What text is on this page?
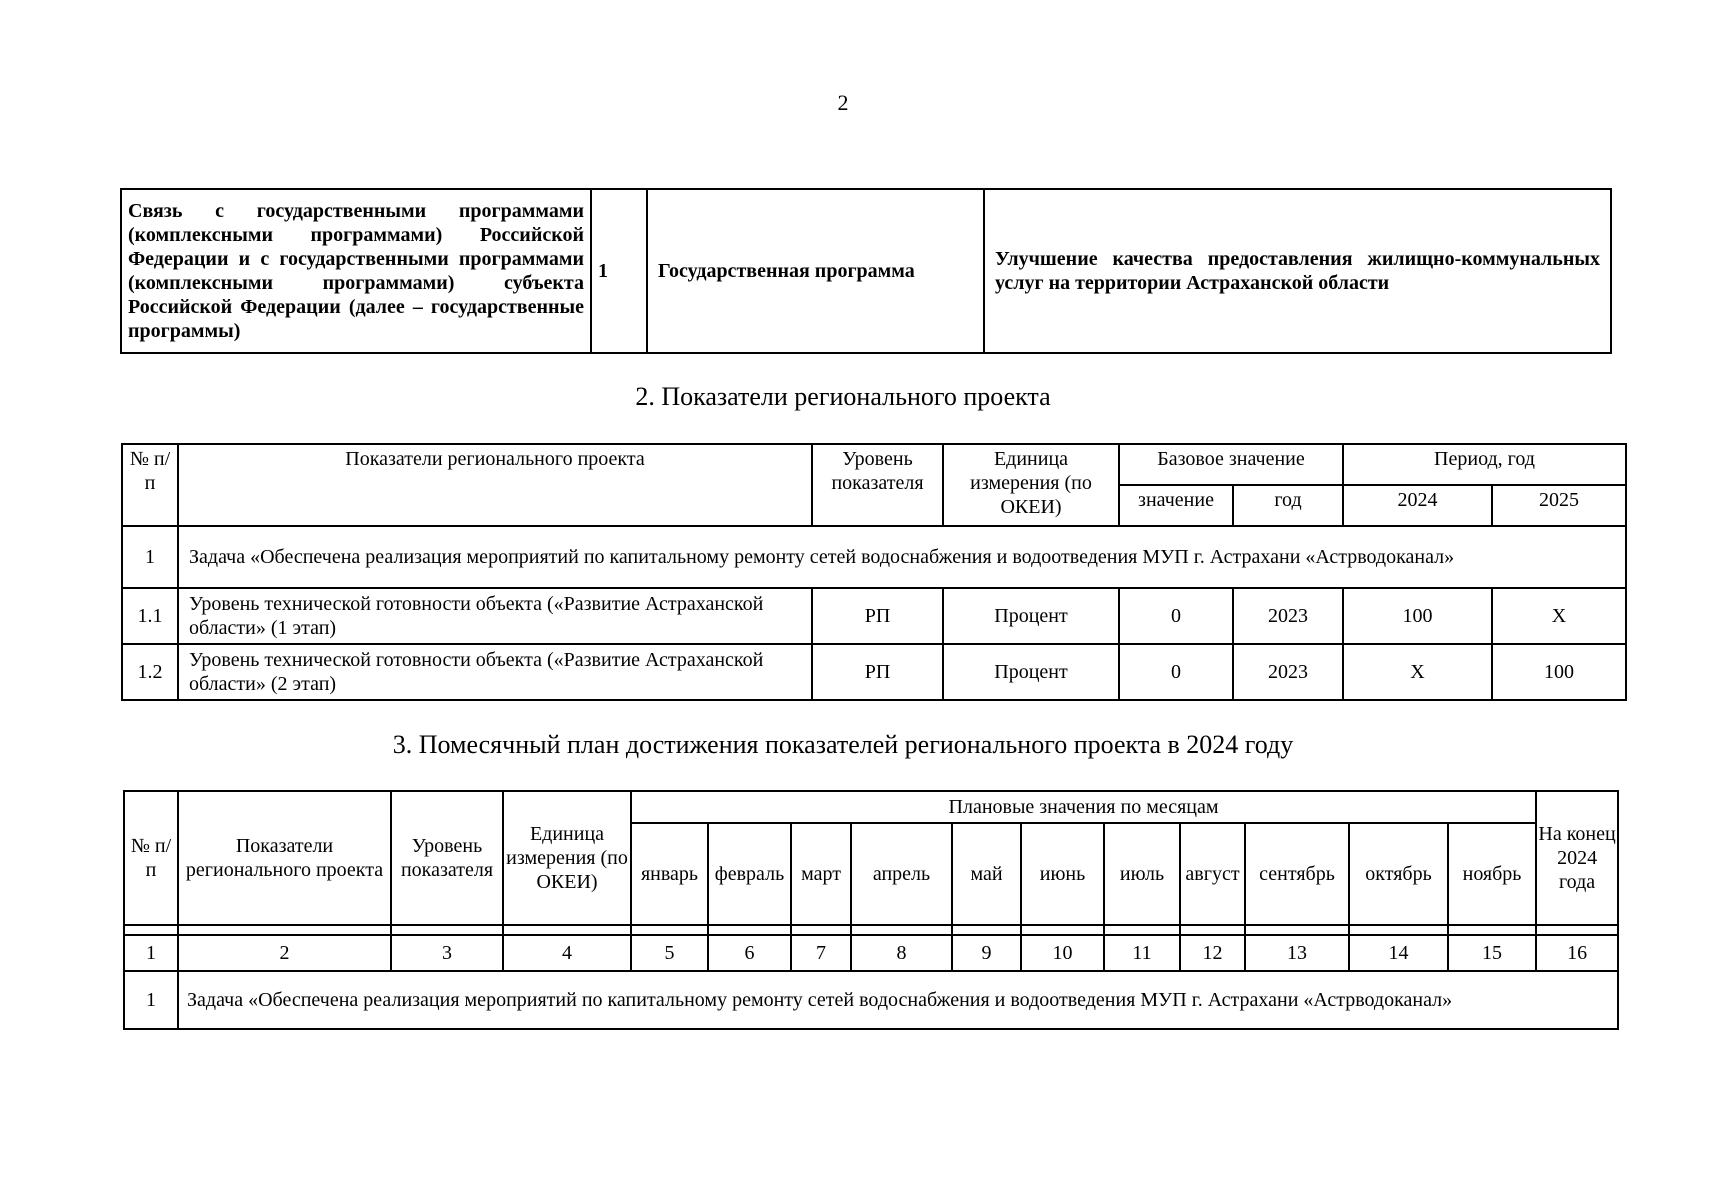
2
Связь с государственными программами (комплексными программами) Российской Федерации и с государственными программами (комплексными программами) субъекта Российской Федерации (далее – государственные программы)	1	Государственная программа	Улучшение качества предоставления жилищно-коммунальных услуг на территории Астраханской области
2. Показатели регионального проекта
№ п/п	Показатели регионального проекта	Уровень показателя	Единица измерения (по ОКЕИ)	Базовое значение		Период, год	
				значение	год	2024	2025
1	Задача «Обеспечена реализация мероприятий по капитальному ремонту сетей водоснабжения и водоотведения МУП г. Астрахани «Астрводоканал»						
1.1	Уровень технической готовности объекта («Развитие Астраханской области» (1 этап)	РП	Процент	0	2023	100	Х
1.2	Уровень технической готовности объекта («Развитие Астраханской области» (2 этап)	РП	Процент	0	2023	Х	100
3. Помесячный план достижения показателей регионального проекта в 2024 году
№ п/п	Показатели регионального проекта	Уровень показателя	Единица измерения (по ОКЕИ)	Плановые значения по месяцам											На конец 2024 года
				январь	февраль	март	апрель	май	июнь	июль	август	сентябрь	октябрь	ноябрь	

1	2	3	4	5	6	7	8	9	10	11	12	13	14	15	16
1	Задача «Обеспечена реализация мероприятий по капитальному ремонту сетей водоснабжения и водоотведения МУП г. Астрахани «Астрводоканал»														
